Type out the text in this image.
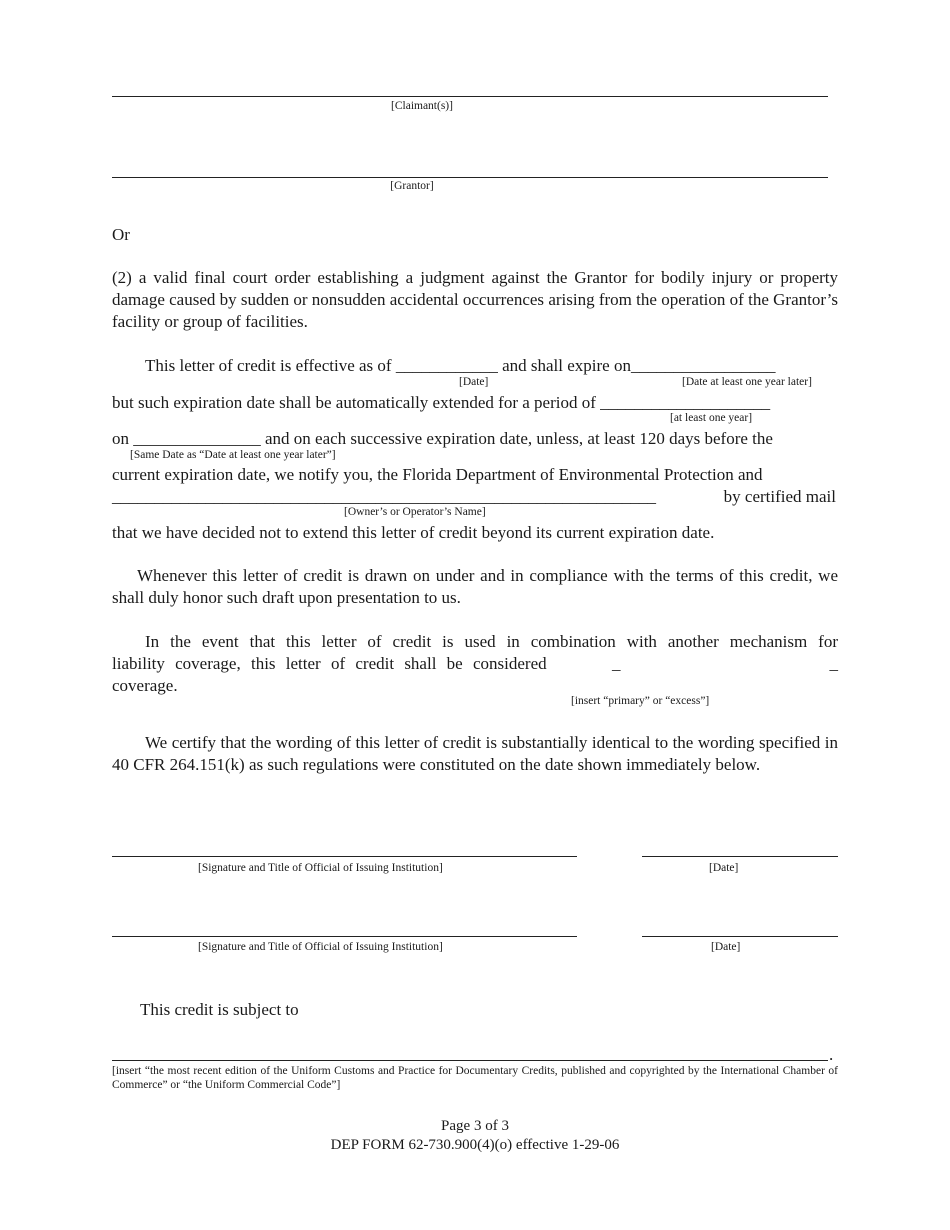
[Claimant(s)]
[Grantor]
Or
(2) a valid final court order establishing a judgment against the Grantor for bodily injury or property damage caused by sudden or nonsudden accidental occurrences arising from the operation of the Grantor’s facility or group of facilities.
This letter of credit is effective as of ____________ and shall expire on_________________
[Date]	[Date at least one year later]
but such expiration date shall be automatically extended for a period of ____________________
[at least one year]
on _______________ and on each successive expiration date, unless, at least 120 days before the
[Same Date as “Date at least one year later”]
current expiration date, we notify you, the Florida Department of Environmental Protection and
________________________________________________________________	by certified mail
[Owner’s or Operator’s Name]
that we have decided not to extend this letter of credit beyond its current expiration date.
Whenever this letter of credit is drawn on under and in compliance with the terms of this credit, we shall duly honor such draft upon presentation to us.
In the event that this letter of credit is used in combination with another mechanism for
liability coverage, this letter of credit shall be considered	_	_
coverage.
[insert “primary” or “excess”]
We certify that the wording of this letter of credit is substantially identical to the wording specified in 40 CFR 264.151(k) as such regulations were constituted on the date shown immediately below.
[Signature and Title of Official of Issuing Institution]	[Date]
[Signature and Title of Official of Issuing Institution]	[Date]
This credit is subject to
.
[insert “the most recent edition of the Uniform Customs and Practice for Documentary Credits, published and copyrighted by the International Chamber of Commerce” or “the Uniform Commercial Code”]
Page 3 of 3
DEP FORM 62-730.900(4)(o) effective 1-29-06
